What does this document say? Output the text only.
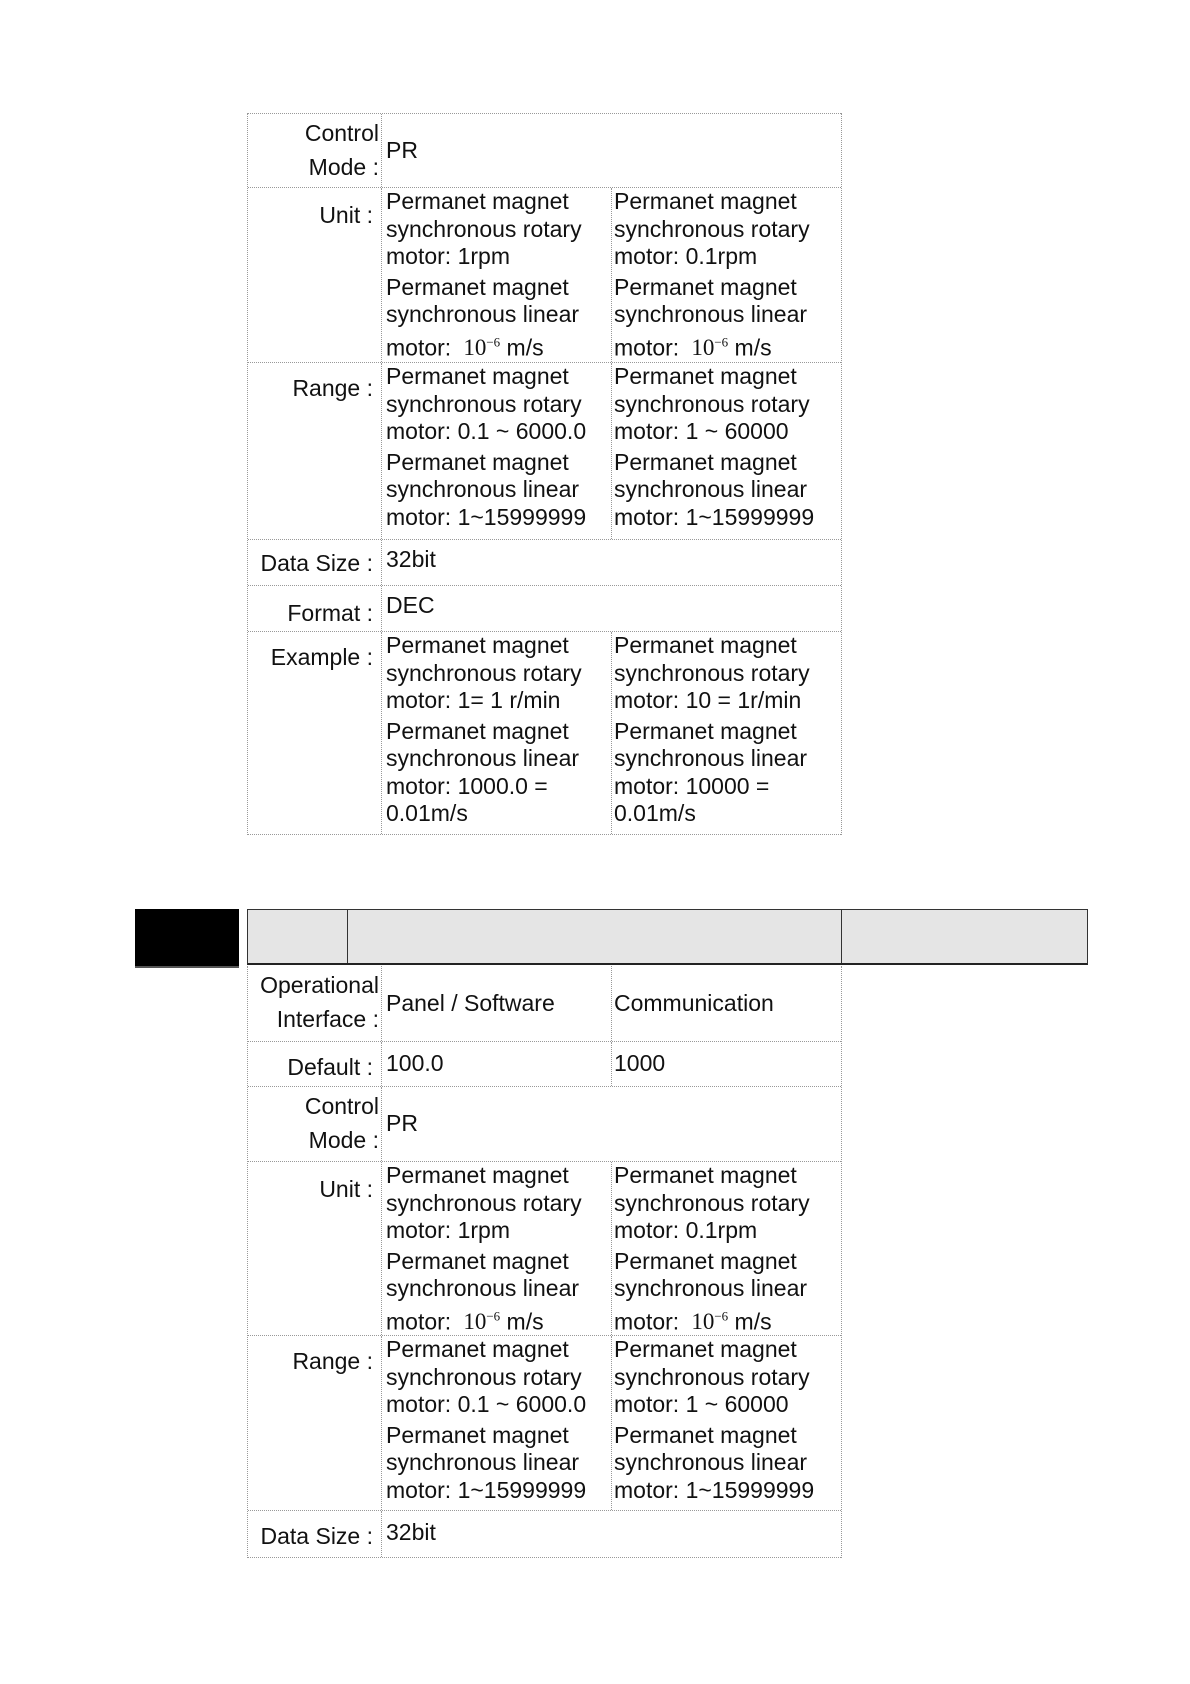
Control
Mode :
PR
Unit :
Permanet magnet
synchronous rotary
motor: 1rpm
Permanet magnet
synchronous linear
motor:  $10^{-6}$ m/s
Permanet magnet
synchronous rotary
motor: 0.1rpm
Permanet magnet
synchronous linear
motor:  $10^{-6}$ m/s
Range : Permanet magnet
synchronous rotary
motor: 0.1 ~ 6000.0
Permanet magnet
synchronous linear
motor: 1~15999999
Permanet magnet
synchronous rotary
motor: 1 ~ 60000
Permanet magnet
synchronous linear
motor: 1~15999999
Data Size : 32bit
Format : DEC
Example : Permanet magnet
synchronous rotary
motor: 1= 1 r/min
Permanet magnet
synchronous linear
motor: 1000.0 =
0.01m/s
Permanet magnet
synchronous rotary
motor: 10 = 1r/min
Permanet magnet
synchronous linear
motor: 10000 =
0.01m/s
Operational
Interface :
Panel / Software	Communication
Default : 100.0	1000
Control
Mode :
PR
Unit :
Permanet magnet
synchronous rotary
motor: 1rpm
Permanet magnet
synchronous linear
motor:  $10^{-6}$ m/s
Permanet magnet
synchronous rotary
motor: 0.1rpm
Permanet magnet
synchronous linear
motor:  $10^{-6}$ m/s
Range : Permanet magnet
synchronous rotary
motor: 0.1 ~ 6000.0
Permanet magnet
synchronous linear
motor: 1~15999999
Permanet magnet
synchronous rotary
motor: 1 ~ 60000
Permanet magnet
synchronous linear
motor: 1~15999999
Data Size : 32bit
